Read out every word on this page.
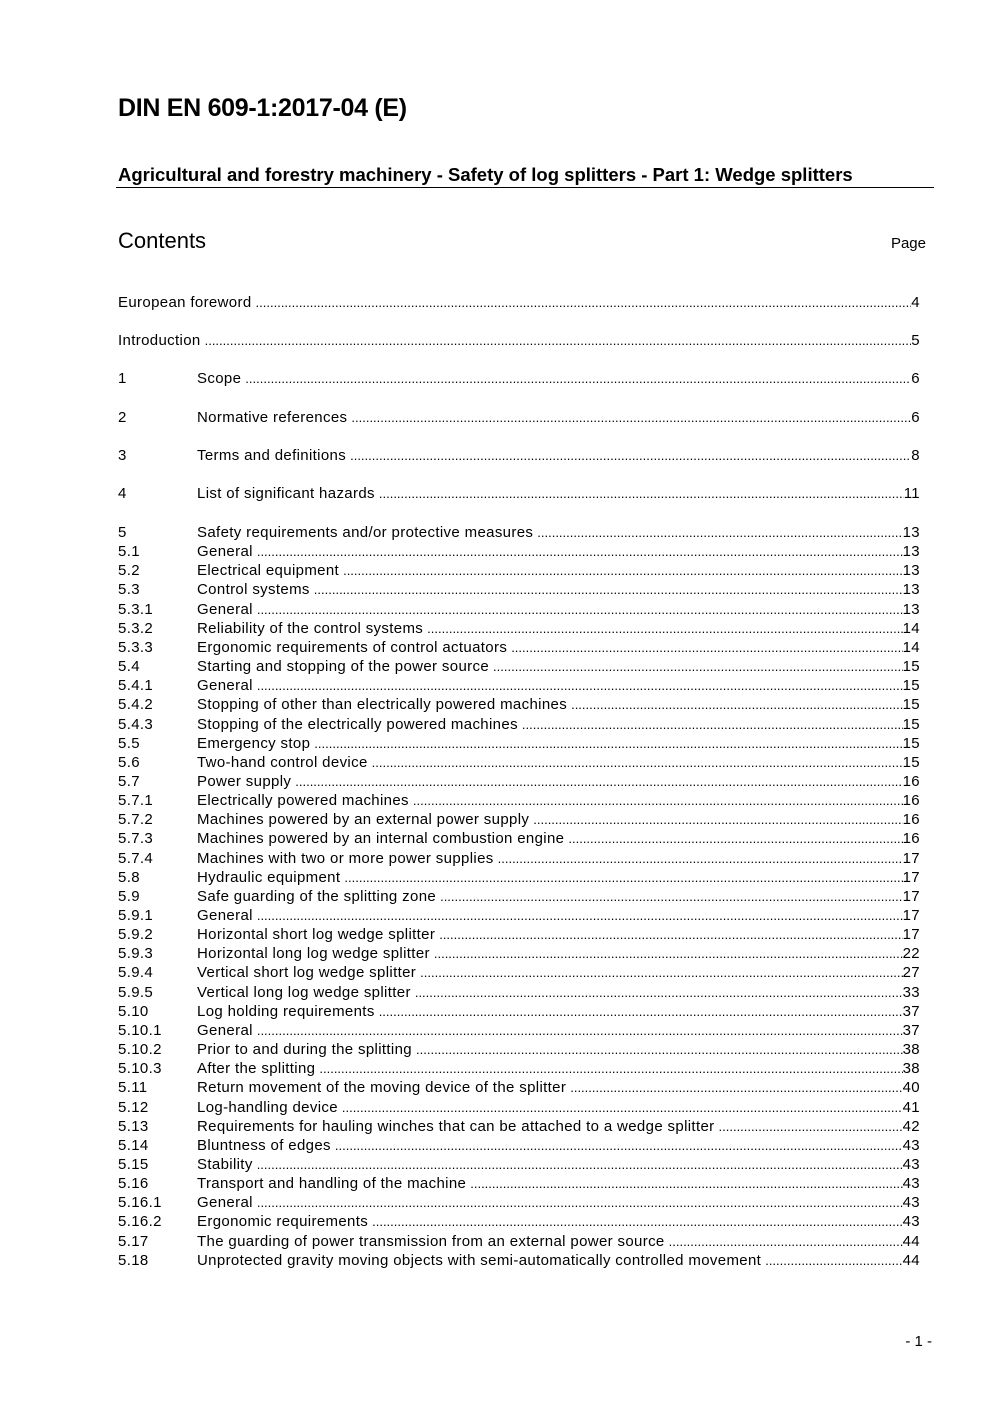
DIN EN 609-1:2017-04 (E)
Agricultural and forestry machinery - Safety of log splitters - Part 1: Wedge splitters
Contents	Page
European foreword .....	4
Introduction .....	5
1	Scope .....	6
2	Normative references .....	6
3	Terms and definitions .....	8
4	List of significant hazards .....	11
5	Safety requirements and/or protective measures .....	13
5.1	General .....	13
5.2	Electrical equipment .....	13
5.3	Control systems .....	13
5.3.1	General .....	13
5.3.2	Reliability of the control systems .....	14
5.3.3	Ergonomic requirements of control actuators .....	14
5.4	Starting and stopping of the power source .....	15
5.4.1	General .....	15
5.4.2	Stopping of other than electrically powered machines .....	15
5.4.3	Stopping of the electrically powered machines .....	15
5.5	Emergency stop .....	15
5.6	Two-hand control device .....	15
5.7	Power supply .....	16
5.7.1	Electrically powered machines .....	16
5.7.2	Machines powered by an external power supply .....	16
5.7.3	Machines powered by an internal combustion engine .....	16
5.7.4	Machines with two or more power supplies .....	17
5.8	Hydraulic equipment .....	17
5.9	Safe guarding of the splitting zone .....	17
5.9.1	General .....	17
5.9.2	Horizontal short log wedge splitter .....	17
5.9.3	Horizontal long log wedge splitter .....	22
5.9.4	Vertical short log wedge splitter .....	27
5.9.5	Vertical long log wedge splitter .....	33
5.10	Log holding requirements .....	37
5.10.1	General .....	37
5.10.2	Prior to and during the splitting .....	38
5.10.3	After the splitting .....	38
5.11	Return movement of the moving device of the splitter .....	40
5.12	Log-handling device .....	41
5.13	Requirements for hauling winches that can be attached to a wedge splitter .....	42
5.14	Bluntness of edges .....	43
5.15	Stability .....	43
5.16	Transport and handling of the machine .....	43
5.16.1	General .....	43
5.16.2	Ergonomic requirements .....	43
5.17	The guarding of power transmission from an external power source .....	44
5.18	Unprotected gravity moving objects with semi-automatically controlled movement .....	44
- 1 -
